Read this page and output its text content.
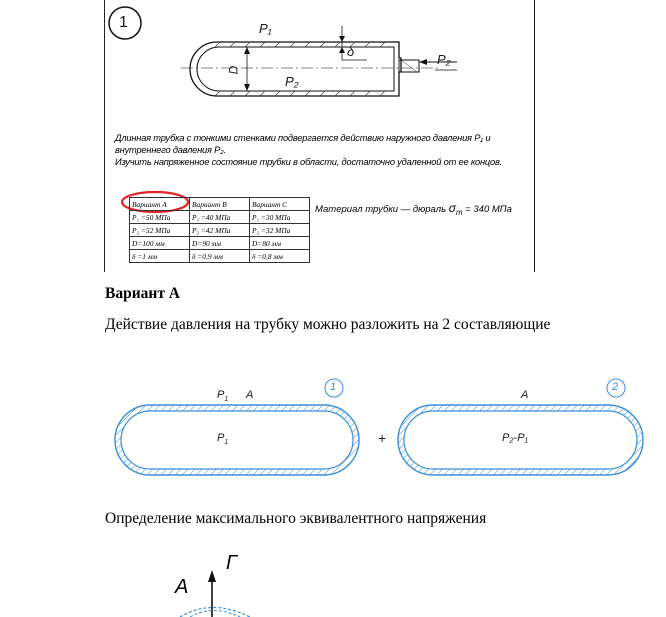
P₁
P₂
P₂
D
δ
1

Длинная трубка с тонкими стенками подвергается действию наружного давления P₁ и

внутреннего давления P₂.

Изучить напряженное состояние трубки в области, достаточно удаленной от ее концов.

Вариант А	Вариант B	Вариант C
P₁ =50 МПа	P₁ =40 МПа	P₁ =30 МПа
P₂ =52 МПа	P₂ =42 МПа	P₂ =32 МПа
D=100 мм	D=90 мм	D=80 мм
δ =1 мм	δ =0,9 мм	δ =0,8 мм
Материал трубки — дюраль $\sigma_т = 340$ МПа
Вариант А
Действие давления на трубку можно разложить на 2 составляющие
$P_1$ A
$P_1$
1
+
A
P₂-P₁
2
Определение максимального эквивалентного напряжения
A
Г
